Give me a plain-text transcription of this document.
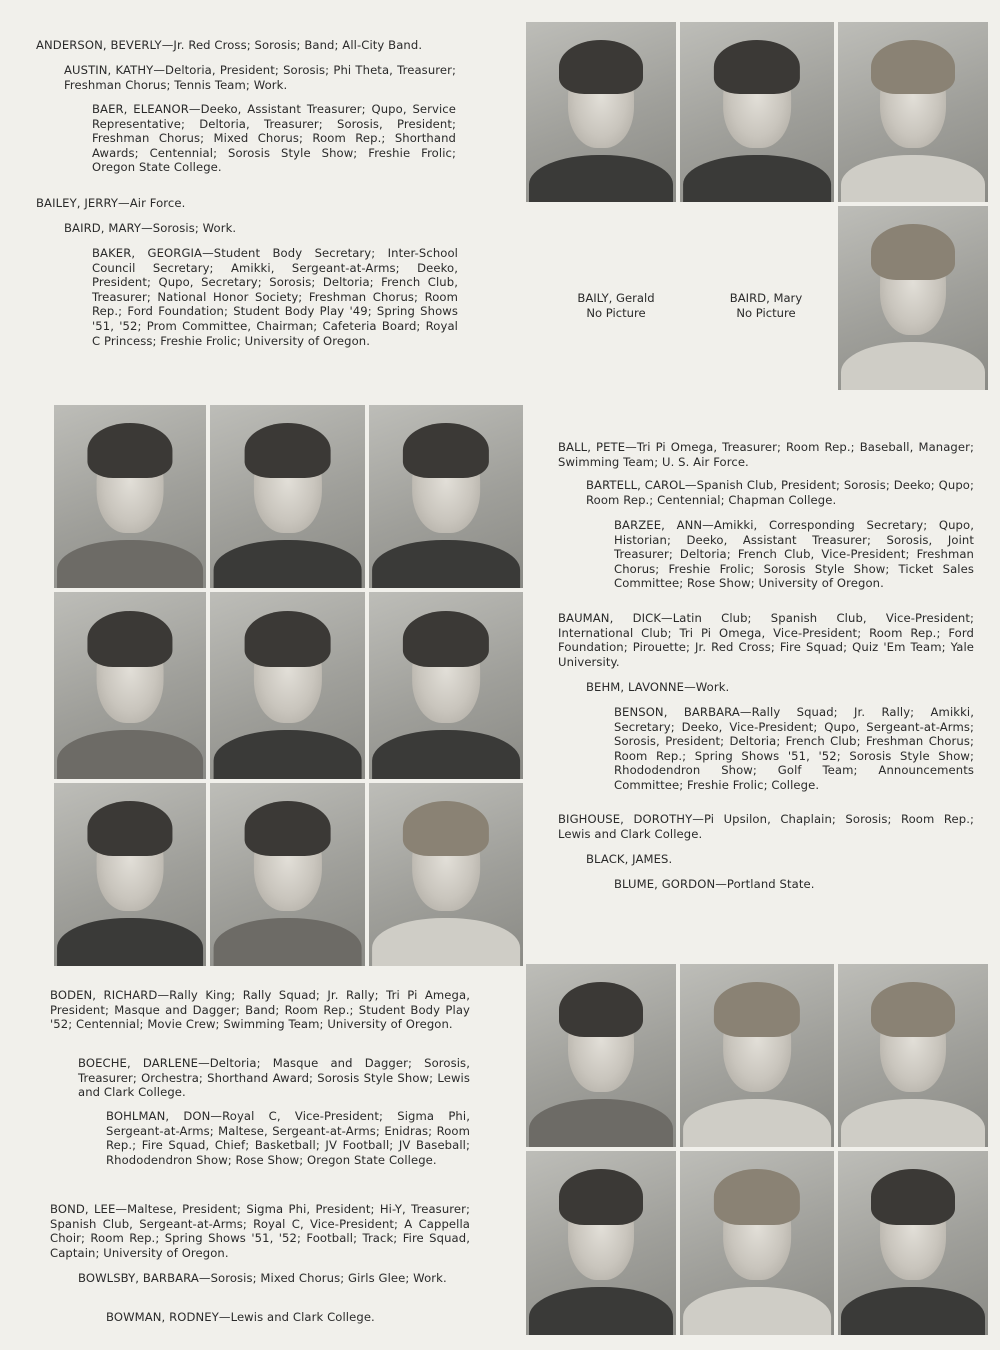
ANDERSON, BEVERLY—Jr. Red Cross; Sorosis; Band; All-City Band.
AUSTIN, KATHY—Deltoria, President; Sorosis; Phi Theta, Treasurer; Freshman Chorus; Tennis Team; Work.
BAER, ELEANOR—Deeko, Assistant Treasurer; Qupo, Service Representative; Deltoria, Treasurer; Sorosis, President; Freshman Chorus; Mixed Chorus; Room Rep.; Shorthand Awards; Centennial; Sorosis Style Show; Freshie Frolic; Oregon State College.
BAILEY, JERRY—Air Force.
BAIRD, MARY—Sorosis; Work.
BAKER, GEORGIA—Student Body Secretary; Inter-School Council Secretary; Amikki, Sergeant-at-Arms; Deeko, President; Qupo, Secretary; Sorosis; Deltoria; French Club, Treasurer; National Honor Society; Freshman Chorus; Room Rep.; Ford Foundation; Student Body Play '49; Spring Shows '51, '52; Prom Committee, Chairman; Cafeteria Board; Royal C Princess; Freshie Frolic; University of Oregon.
BAILY, Gerald
No Picture
BAIRD, Mary
No Picture
BALL, PETE—Tri Pi Omega, Treasurer; Room Rep.; Baseball, Manager; Swimming Team; U. S. Air Force.
BARTELL, CAROL—Spanish Club, President; Sorosis; Deeko; Qupo; Room Rep.; Centennial; Chapman College.
BARZEE, ANN—Amikki, Corresponding Secretary; Qupo, Historian; Deeko, Assistant Treasurer; Sorosis, Joint Treasurer; Deltoria; French Club, Vice-President; Freshman Chorus; Freshie Frolic; Sorosis Style Show; Ticket Sales Committee; Rose Show; University of Oregon.
BAUMAN, DICK—Latin Club; Spanish Club, Vice-President; International Club; Tri Pi Omega, Vice-President; Room Rep.; Ford Foundation; Pirouette; Jr. Red Cross; Fire Squad; Quiz 'Em Team; Yale University.
BEHM, LAVONNE—Work.
BENSON, BARBARA—Rally Squad; Jr. Rally; Amikki, Secretary; Deeko, Vice-President; Qupo, Sergeant-at-Arms; Sorosis, President; Deltoria; French Club; Freshman Chorus; Room Rep.; Spring Shows '51, '52; Sorosis Style Show; Rhododendron Show; Golf Team; Announcements Committee; Freshie Frolic; College.
BIGHOUSE, DOROTHY—Pi Upsilon, Chaplain; Sorosis; Room Rep.; Lewis and Clark College.
BLACK, JAMES.
BLUME, GORDON—Portland State.
BODEN, RICHARD—Rally King; Rally Squad; Jr. Rally; Tri Pi Amega, President; Masque and Dagger; Band; Room Rep.; Student Body Play '52; Centennial; Movie Crew; Swimming Team; University of Oregon.
BOECHE, DARLENE—Deltoria; Masque and Dagger; Sorosis, Treasurer; Orchestra; Shorthand Award; Sorosis Style Show; Lewis and Clark College.
BOHLMAN, DON—Royal C, Vice-President; Sigma Phi, Sergeant-at-Arms; Maltese, Sergeant-at-Arms; Enidras; Room Rep.; Fire Squad, Chief; Basketball; JV Football; JV Baseball; Rhododendron Show; Rose Show; Oregon State College.
BOND, LEE—Maltese, President; Sigma Phi, President; Hi-Y, Treasurer; Spanish Club, Sergeant-at-Arms; Royal C, Vice-President; A Cappella Choir; Room Rep.; Spring Shows '51, '52; Football; Track; Fire Squad, Captain; University of Oregon.
BOWLSBY, BARBARA—Sorosis; Mixed Chorus; Girls Glee; Work.
BOWMAN, RODNEY—Lewis and Clark College.
